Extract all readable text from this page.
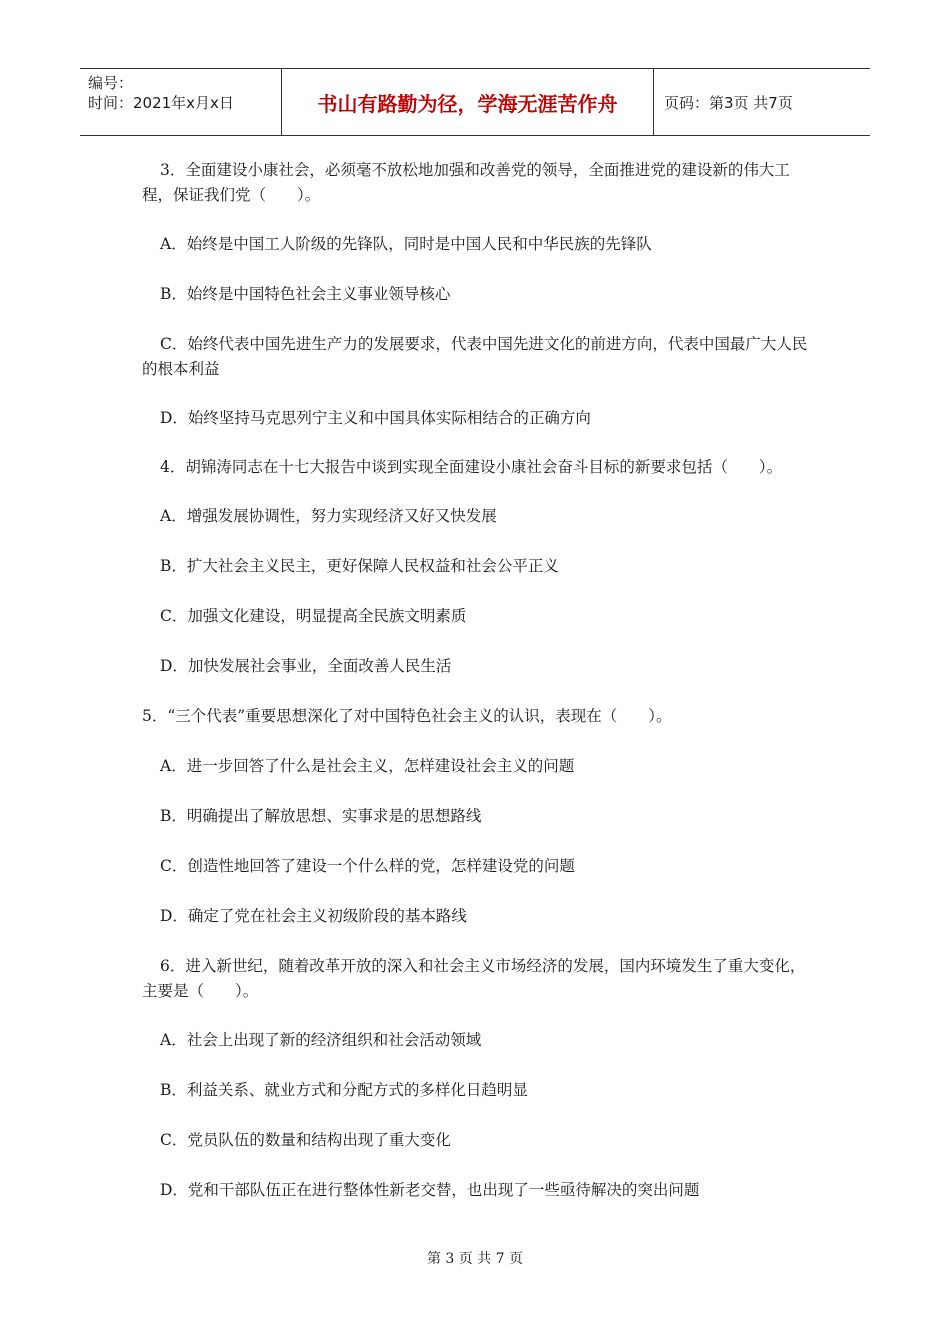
编号：
时间：2021年x月x日	书山有路勤为径，学海无涯苦作舟	页码：第3页 共7页

3．全面建设小康社会，必须毫不放松地加强和改善党的领导，全面推进党的建设新的伟大工程，保证我们党（　　）。

A．始终是中国工人阶级的先锋队，同时是中国人民和中华民族的先锋队

B．始终是中国特色社会主义事业领导核心

C．始终代表中国先进生产力的发展要求，代表中国先进文化的前进方向，代表中国最广大人民的根本利益

D．始终坚持马克思列宁主义和中国具体实际相结合的正确方向

4．胡锦涛同志在十七大报告中谈到实现全面建设小康社会奋斗目标的新要求包括（　　）。

A．增强发展协调性，努力实现经济又好又快发展

B．扩大社会主义民主，更好保障人民权益和社会公平正义

C．加强文化建设，明显提高全民族文明素质

D．加快发展社会事业，全面改善人民生活

5．“三个代表”重要思想深化了对中国特色社会主义的认识，表现在（　　）。

A．进一步回答了什么是社会主义，怎样建设社会主义的问题

B．明确提出了解放思想、实事求是的思想路线

C．创造性地回答了建设一个什么样的党，怎样建设党的问题

D．确定了党在社会主义初级阶段的基本路线

6．进入新世纪，随着改革开放的深入和社会主义市场经济的发展，国内环境发生了重大变化，主要是（　　）。

A．社会上出现了新的经济组织和社会活动领域

B．利益关系、就业方式和分配方式的多样化日趋明显

C．党员队伍的数量和结构出现了重大变化

D．党和干部队伍正在进行整体性新老交替，也出现了一些亟待解决的突出问题

第 3 页 共 7 页
